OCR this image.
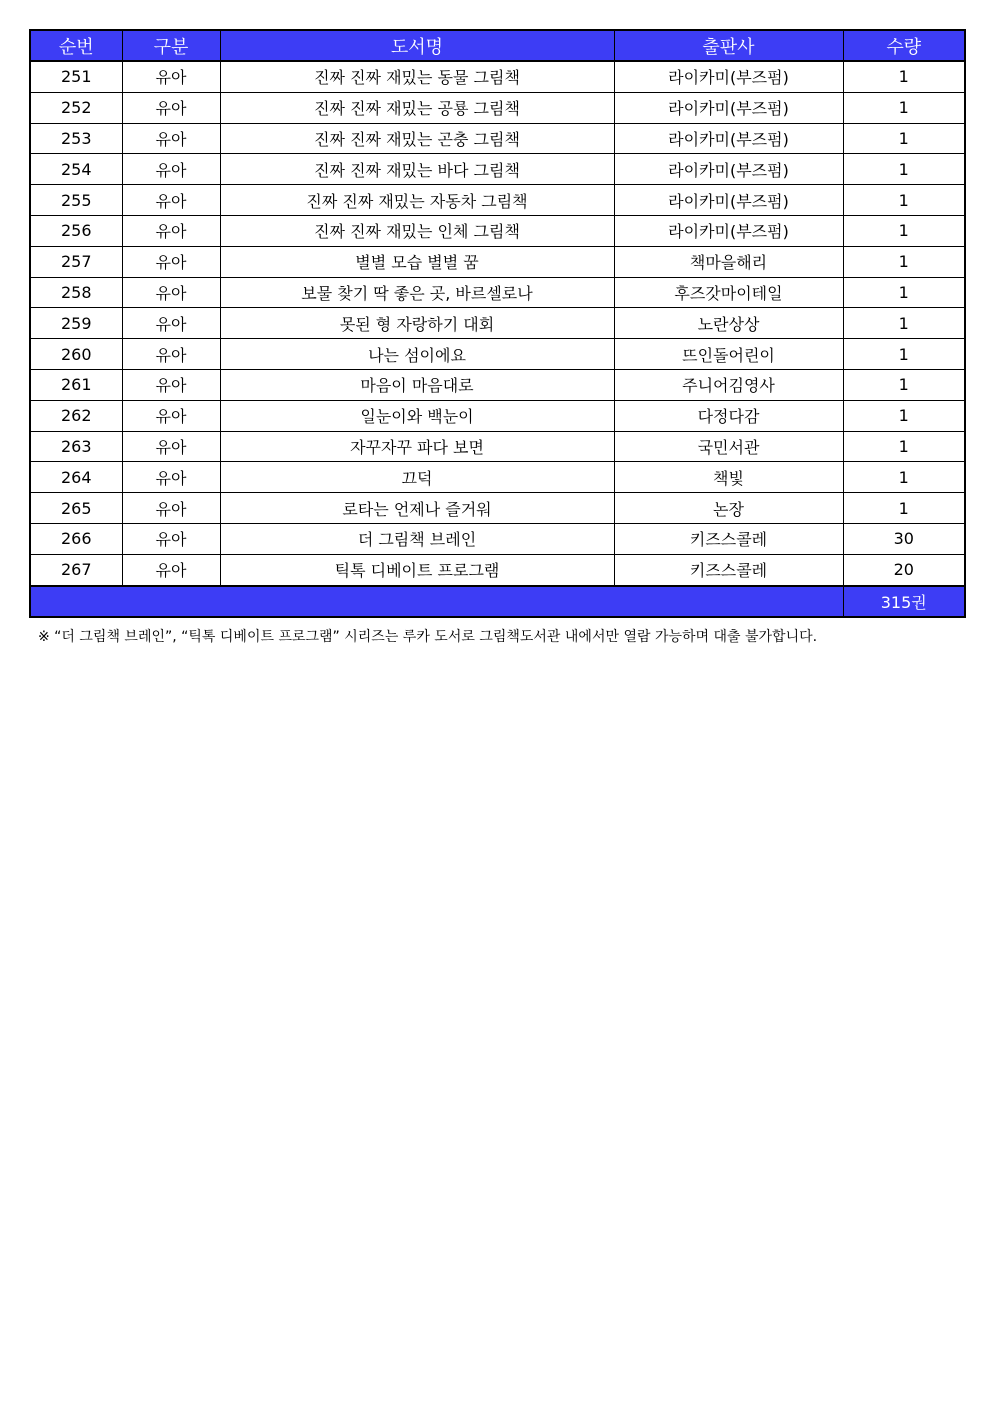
순번	구분	도서명	출판사	수량
251	유아	진짜 진짜 재밌는 동물 그림책	라이카미(부즈펌)	1
252	유아	진짜 진짜 재밌는 공룡 그림책	라이카미(부즈펌)	1
253	유아	진짜 진짜 재밌는 곤충 그림책	라이카미(부즈펌)	1
254	유아	진짜 진짜 재밌는 바다 그림책	라이카미(부즈펌)	1
255	유아	진짜 진짜 재밌는 자동차 그림책	라이카미(부즈펌)	1
256	유아	진짜 진짜 재밌는 인체 그림책	라이카미(부즈펌)	1
257	유아	별별 모습 별별 꿈	책마을해리	1
258	유아	보물 찾기 딱 좋은 곳, 바르셀로나	후즈갓마이테일	1
259	유아	못된 형 자랑하기 대회	노란상상	1
260	유아	나는 섬이에요	뜨인돌어린이	1
261	유아	마음이 마음대로	주니어김영사	1
262	유아	일눈이와 백눈이	다정다감	1
263	유아	자꾸자꾸 파다 보면	국민서관	1
264	유아	끄덕	책빛	1
265	유아	로타는 언제나 즐거워	논장	1
266	유아	더 그림책 브레인	키즈스콜레	30
267	유아	틱톡 디베이트 프로그램	키즈스콜레	20
				315권
※ “더 그림책 브레인”, “틱톡 디베이트 프로그램” 시리즈는 루카 도서로 그림책도서관 내에서만 열람 가능하며 대출 불가합니다.
